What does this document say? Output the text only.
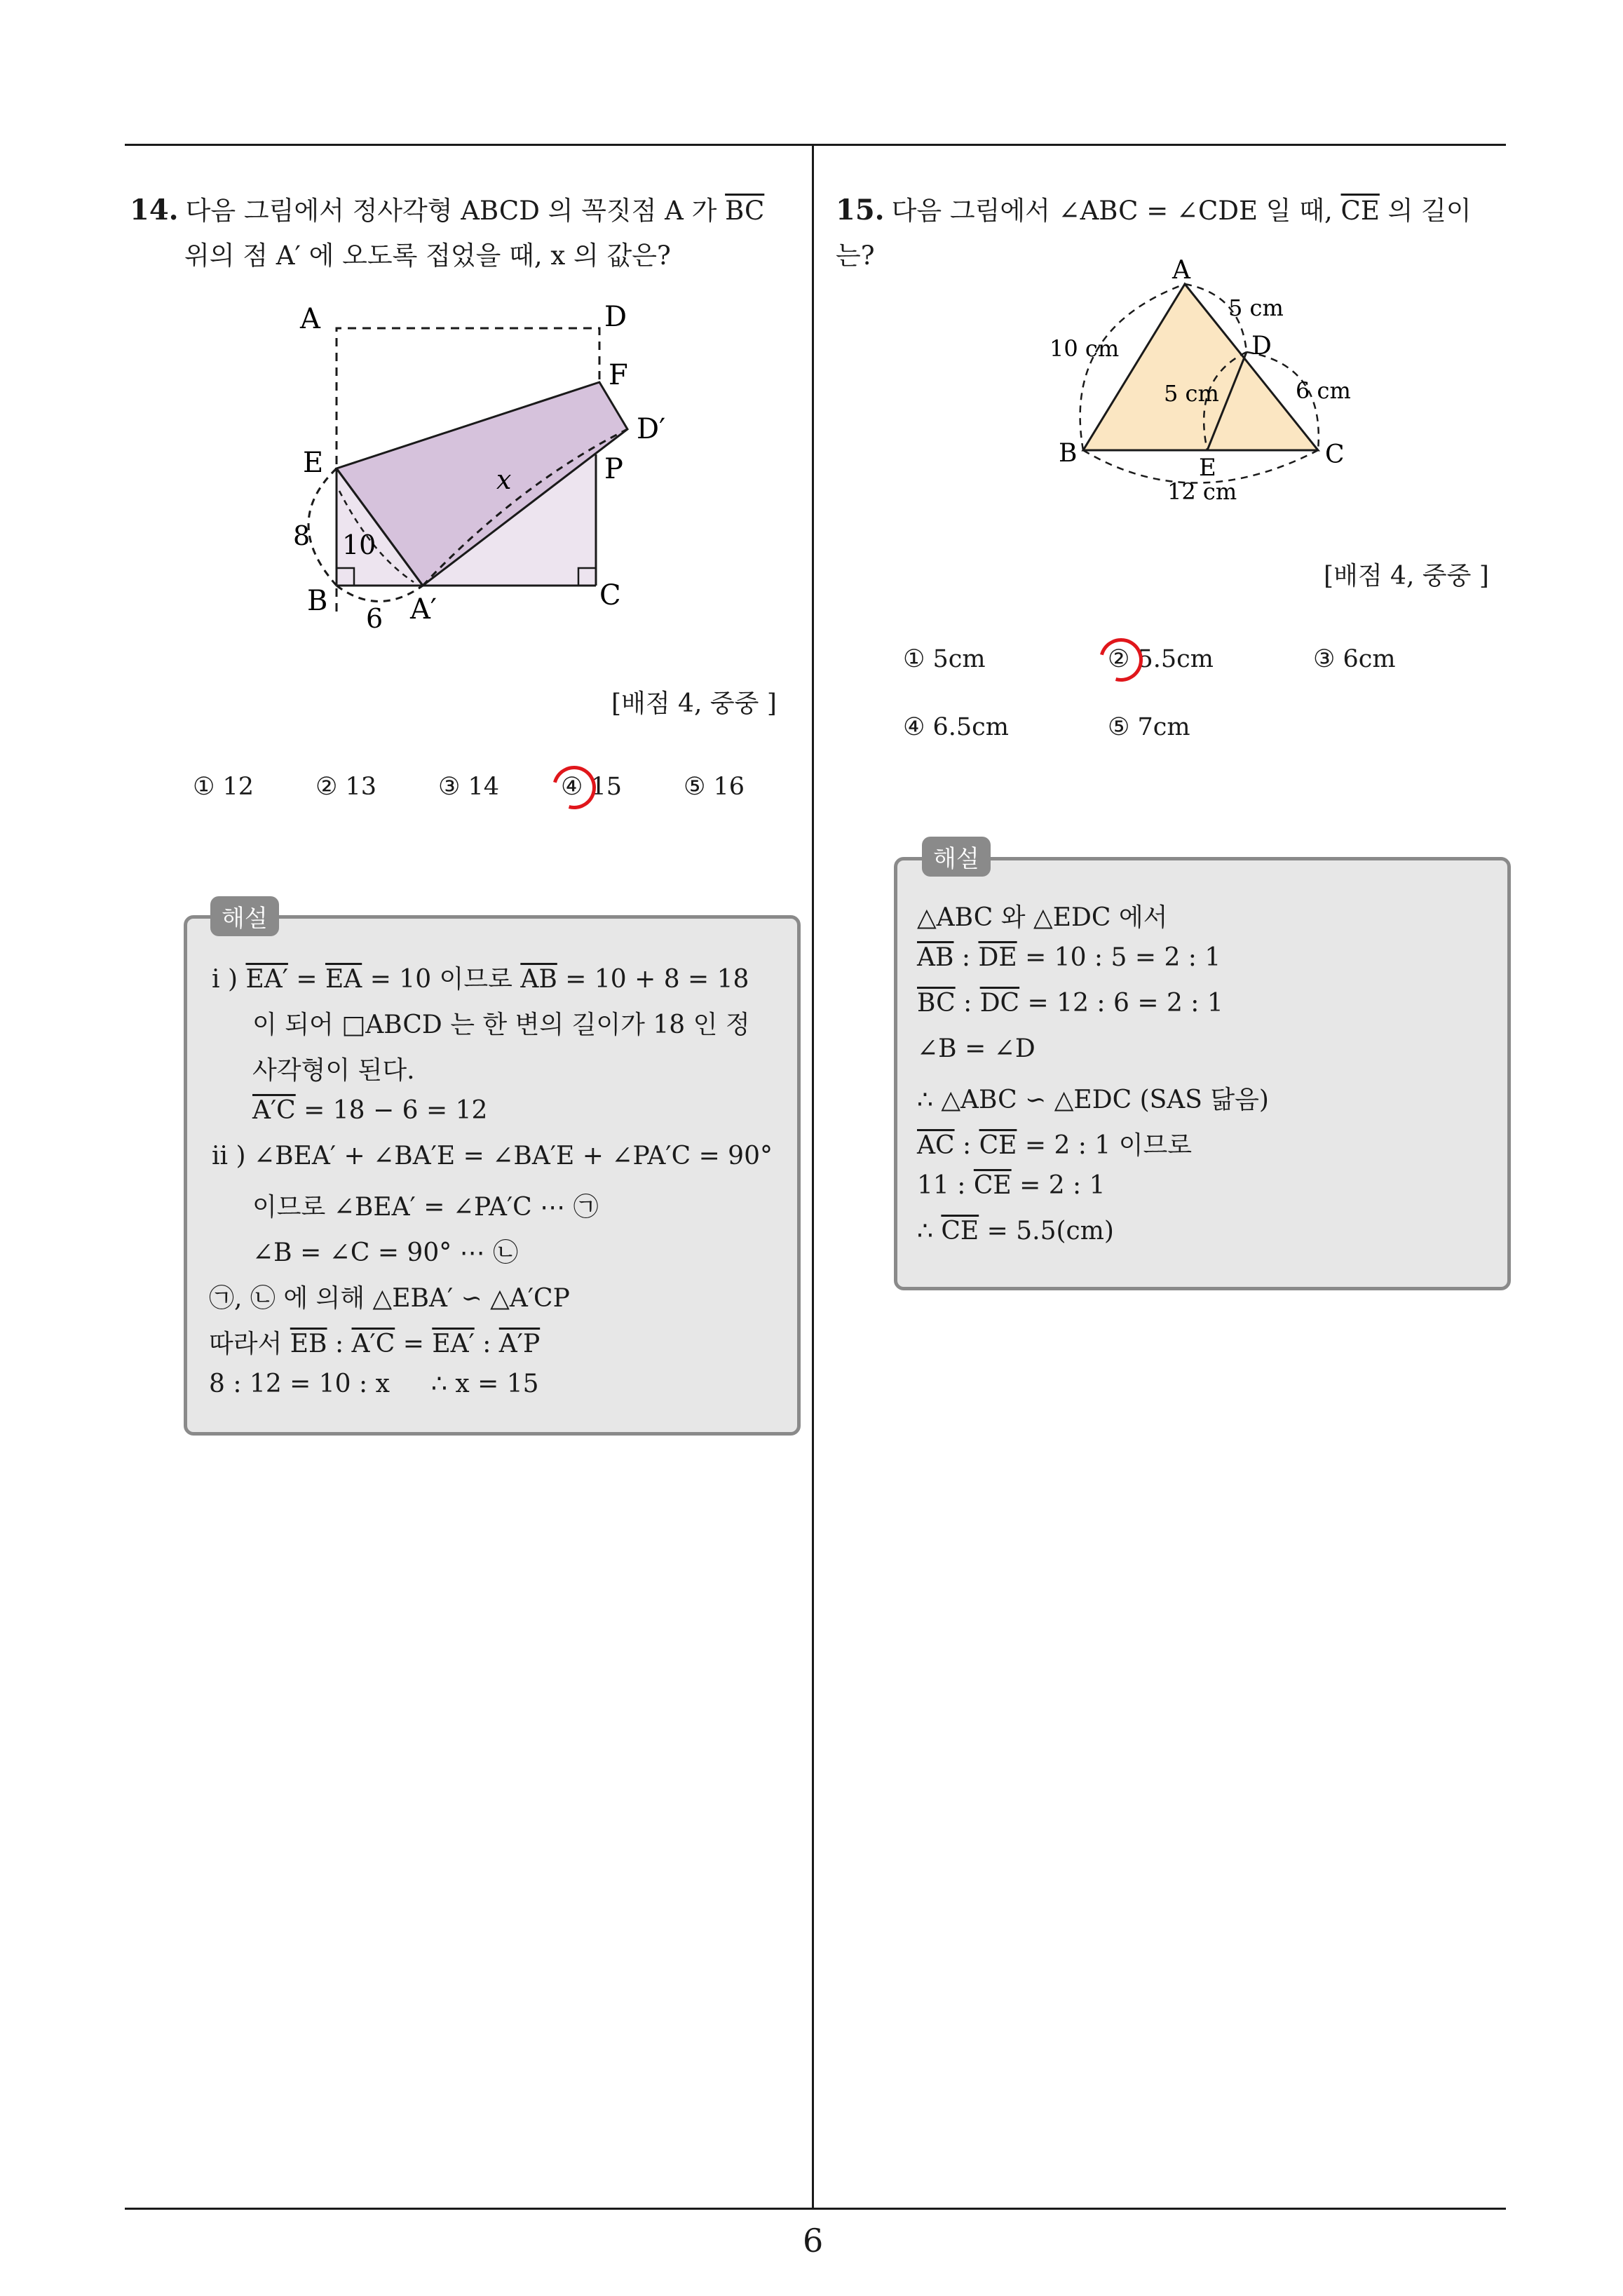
6
14. 다음 그림에서 정사각형 ABCD 의 꼭짓점 A 가 $\overline{BC}$
위의 점 A′ 에 오도록 접었을 때, x 의 값은?
A	D
F
D′
E	P
x
8 10
B
6 A′	C
[배점 4, 중중 ]
① 12	② 13	③ 14	④ 15	⑤ 16
해설
i ) $EA' = \overline{EA} = 10$ 이므로 $\overline{AB} = 10 + 8 = 18$
이 되어 □ABCD 는 한 변의 길이가 18 인 정
사각형이 된다.
A′C = 18 − 6 = 12
ii ) ∠BEA′ + ∠BA′E = ∠BA′E + ∠PA′C = 90°
이므로 ∠BEA′ = ∠PA′C ⋯ ㉠
∠B = ∠C = 90° ⋯ ㉡
㉠, ㉡ 에 의해 △EBA′ ∽ △A′CP
따라서 $\overline{EB}$ : A′C = EA′ : A′P
8 : 12 = 10 : x ∴ x = 15
15. 다음 그림에서 ∠ABC = ∠CDE 일 때, $\overline{CE}$ 의 길이는?	A
5 cm
D
10 cm
5 cm	6 cm
B	E	C
12 cm
[배점 4, 중중 ]
① 5cm	② 5.5cm	③ 6cm
④ 6.5cm	⑤ 7cm
해설
△ABC 와 △EDC 에서
$\overline{AB}$ : $\overline{DE} = 10$ : 5 = 2 : 1
$\overline{BC}$ : $\overline{DC} = 12$ : 6 = 2 : 1
∠B = ∠D
∴ △ABC ∽ △EDC (SAS 닮음)
$\overline{AC}$ : $\overline{CE} = 2$ : 1 이므로
11 : $\overline{CE} = 2$ : 1
∴ $\overline{CE} = 5.5(cm)$
